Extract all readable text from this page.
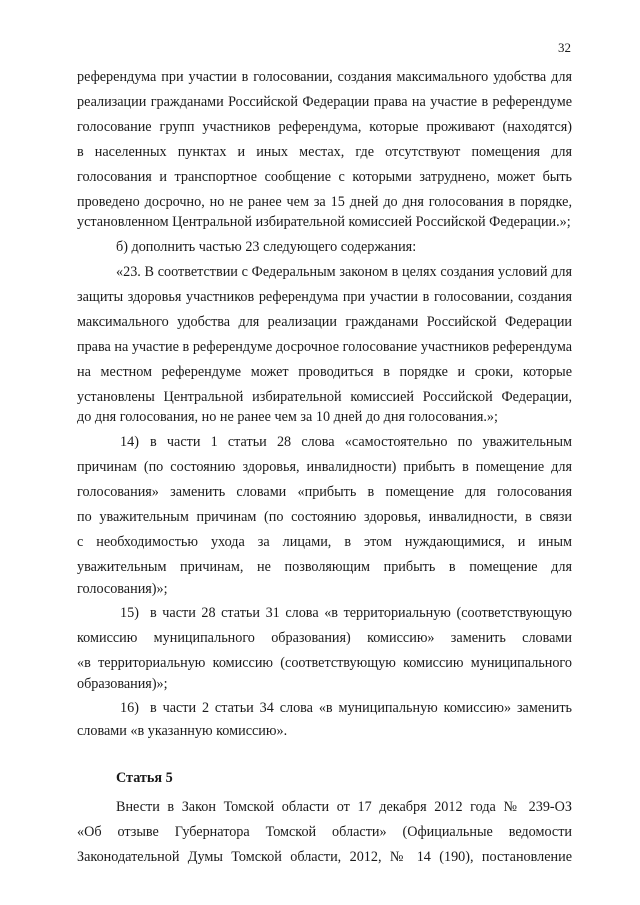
32
референдума при участии в голосовании, создания максимального удобства для
реализации гражданами Российской Федерации права на участие в референдуме
голосование групп участников референдума, которые проживают (находятся)
в населенных пунктах и иных местах, где отсутствуют помещения для
голосования и транспортное сообщение с которыми затруднено, может быть
проведено досрочно, но не ранее чем за 15 дней до дня голосования в порядке,
установленном Центральной избирательной комиссией Российской Федерации.»;
б) дополнить частью 23 следующего содержания:
«23. В соответствии с Федеральным законом в целях создания условий для
защиты здоровья участников референдума при участии в голосовании, создания
максимального удобства для реализации гражданами Российской Федерации
права на участие в референдуме досрочное голосование участников референдума
на местном референдуме может проводиться в порядке и сроки, которые
установлены Центральной избирательной комиссией Российской Федерации,
до дня голосования, но не ранее чем за 10 дней до дня голосования.»;
14) в части 1 статьи 28 слова «самостоятельно по уважительным
причинам (по состоянию здоровья, инвалидности) прибыть в помещение для
голосования» заменить словами «прибыть в помещение для голосования
по уважительным причинам (по состоянию здоровья, инвалидности, в связи
с необходимостью ухода за лицами, в этом нуждающимися, и иным
уважительным причинам, не позволяющим прибыть в помещение для
голосования)»;
15) в части 28 статьи 31 слова «в территориальную (соответствующую
комиссию муниципального образования) комиссию» заменить словами
«в территориальную комиссию (соответствующую комиссию муниципального
образования)»;
16) в части 2 статьи 34 слова «в муниципальную комиссию» заменить
словами «в указанную комиссию».
Статья 5
Внести в Закон Томской области от 17 декабря 2012 года № 239-ОЗ
«Об отзыве Губернатора Томской области» (Официальные ведомости
Законодательной Думы Томской области, 2012, № 14 (190), постановление
